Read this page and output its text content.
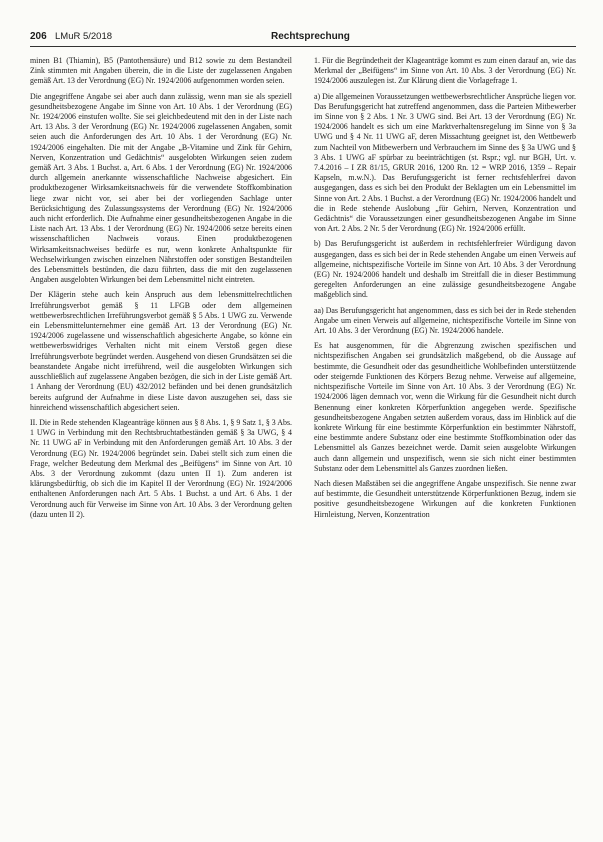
206 LMuR 5/2018	Rechtsprechung

minen B1 (Thiamin), B5 (Pantothensäure) und B12 sowie zu dem Bestandteil Zink stimmten mit Angaben überein, die in die Liste der zugelassenen Angaben gemäß Art. 13 der Verordnung (EG) Nr. 1924/2006 aufgenommen worden seien.

Die angegriffene Angabe sei aber auch dann zulässig, wenn man sie als speziell gesundheitsbezogene Angabe im Sinne von Art. 10 Abs. 1 der Verordnung (EG) Nr. 1924/2006 einstufen wollte. Sie sei gleichbedeutend mit den in der Liste nach Art. 13 Abs. 3 der Verordnung (EG) Nr. 1924/2006 zugelassenen Angaben, somit seien auch die Anforderungen des Art. 10 Abs. 1 der Verordnung (EG) Nr. 1924/2006 eingehalten. Die mit der Angabe „B-Vitamine und Zink für Gehirn, Nerven, Konzentration und Gedächtnis“ ausgelobten Wirkungen seien zudem gemäß Art. 3 Abs. 1 Buchst. a, Art. 6 Abs. 1 der Verordnung (EG) Nr. 1924/2006 durch allgemein anerkannte wissenschaftliche Nachweise abgesichert. Ein produktbezogener Wirksamkeitsnachweis für die verwendete Stoffkombination liege zwar nicht vor, sei aber bei der vorliegenden Sachlage unter Berücksichtigung des Zulassungssystems der Verordnung (EG) Nr. 1924/2006 auch nicht erforderlich. Die Aufnahme einer gesundheitsbezogenen Angabe in die Liste nach Art. 13 Abs. 1 der Verordnung (EG) Nr. 1924/2006 setze bereits einen wissenschaftlichen Nachweis voraus. Einen produktbezogenen Wirksamkeitsnachweises bedürfe es nur, wenn konkrete Anhaltspunkte für Wechselwirkungen zwischen einzelnen Nährstoffen oder sonstigen Bestandteilen des Lebensmittels bestünden, die dazu führten, dass die mit den zugelassenen Angaben ausgelobten Wirkungen bei dem Lebensmittel nicht eintreten.

Der Klägerin stehe auch kein Anspruch aus dem lebensmittelrechtlichen Irreführungsverbot gemäß § 11 LFGB oder dem allgemeinen wettbewerbsrechtlichen Irreführungsverbot gemäß § 5 Abs. 1 UWG zu. Verwende ein Lebensmittelunternehmer eine gemäß Art. 13 der Verordnung (EG) Nr. 1924/2006 zugelassene und wissenschaftlich abgesicherte Angabe, so könne ein wettbewerbswidriges Verhalten nicht mit einem Verstoß gegen diese Irreführungsverbote begründet werden. Ausgehend von diesen Grundsätzen sei die beanstandete Angabe nicht irreführend, weil die ausgelobten Wirkungen sich ausschließlich auf zugelassene Angaben bezögen, die sich in der Liste gemäß Art. 1 Anhang der Verordnung (EU) 432/2012 befänden und bei denen grundsätzlich bereits aufgrund der Aufnahme in diese Liste davon auszugehen sei, dass sie hinreichend wissenschaftlich abgesichert seien.

II. Die in Rede stehenden Klageanträge können aus § 8 Abs. 1, § 9 Satz 1, § 3 Abs. 1 UWG in Verbindung mit den Rechtsbruchtatbeständen gemäß § 3a UWG, § 4 Nr. 11 UWG aF in Verbindung mit den Anforderungen gemäß Art. 10 Abs. 3 der Verordnung (EG) Nr. 1924/2006 begründet sein. Dabei stellt sich zum einen die Frage, welcher Bedeutung dem Merkmal des „Beifügens“ im Sinne von Art. 10 Abs. 3 der Verordnung zukommt (dazu unten II 1). Zum anderen ist klärungsbedürftig, ob sich die im Kapitel II der Verordnung (EG) Nr. 1924/2006 enthaltenen Anforderungen nach Art. 5 Abs. 1 Buchst. a und Art. 6 Abs. 1 der Verordnung auch für Verweise im Sinne von Art. 10 Abs. 3 der Verordnung gelten (dazu unten II 2).

1. Für die Begründetheit der Klageanträge kommt es zum einen darauf an, wie das Merkmal der „Beifügens“ im Sinne von Art. 10 Abs. 3 der Verordnung (EG) Nr. 1924/2006 auszulegen ist. Zur Klärung dient die Vorlagefrage 1.

a) Die allgemeinen Voraussetzungen wettbewerbsrechtlicher Ansprüche liegen vor. Das Berufungsgericht hat zutreffend angenommen, dass die Parteien Mitbewerber im Sinne von § 2 Abs. 1 Nr. 3 UWG sind. Bei Art. 13 der Verordnung (EG) Nr. 1924/2006 handelt es sich um eine Marktverhaltensregelung im Sinne von § 3a UWG und § 4 Nr. 11 UWG aF, deren Missachtung geeignet ist, den Wettbewerb zum Nachteil von Mitbewerbern und Verbrauchern im Sinne des § 3a UWG und § 3 Abs. 1 UWG aF spürbar zu beeinträchtigen (st. Rspr.; vgl. nur BGH, Urt. v. 7.4.2016 – I ZR 81/15, GRUR 2016, 1200 Rn. 12 = WRP 2016, 1359 – Repair Kapseln, m.w.N.). Das Berufungsgericht ist ferner rechtsfehlerfrei davon ausgegangen, dass es sich bei den Produkt der Beklagten um ein Lebensmittel im Sinne von Art. 2 Abs. 1 Buchst. a der Verordnung (EG) Nr. 1924/2006 handelt und die in Rede stehende Auslobung „für Gehirn, Nerven, Konzentration und Gedächtnis“ die Voraussetzungen einer gesundheitsbezogenen Angabe im Sinne von Art. 2 Abs. 2 Nr. 5 der Verordnung (EG) Nr. 1924/2006 erfüllt.

b) Das Berufungsgericht ist außerdem in rechtsfehlerfreier Würdigung davon ausgegangen, dass es sich bei der in Rede stehenden Angabe um einen Verweis auf allgemeine, nichtspezifische Vorteile im Sinne von Art. 10 Abs. 3 der Verordnung (EG) Nr. 1924/2006 handelt und deshalb im Streitfall die in dieser Bestimmung geregelten Anforderungen an eine zulässige gesundheitsbezogene Angabe maßgeblich sind.

aa) Das Berufungsgericht hat angenommen, dass es sich bei der in Rede stehenden Angabe um einen Verweis auf allgemeine, nichtspezifische Vorteile im Sinne von Art. 10 Abs. 3 der Verordnung (EG) Nr. 1924/2006 handele.

Es hat ausgenommen, für die Abgrenzung zwischen spezifischen und nichtspezifischen Angaben sei grundsätzlich maßgebend, ob die Aussage auf bestimmte, die Gesundheit oder das gesundheitliche Wohlbefinden unterstützende oder steigernde Funktionen des Körpers Bezug nehme. Verweise auf allgemeine, nichtspezifische Vorteile im Sinne von Art. 10 Abs. 3 der Verordnung (EG) Nr. 1924/2006 lägen demnach vor, wenn die Wirkung für die Gesundheit nicht durch Benennung einer konkreten Körperfunktion angegeben werde. Spezifische gesundheitsbezogene Angaben setzten außerdem voraus, dass im Hinblick auf die konkrete Wirkung für eine bestimmte Körperfunktion ein bestimmter Nährstoff, eine bestimmte andere Substanz oder eine bestimmte Stoffkombination oder das Lebensmittel als Ganzes bezeichnet werde. Damit seien ausgelobte Wirkungen auch dann allgemein und unspezifisch, wenn sie sich nicht einer bestimmten Substanz oder dem Lebensmittel als Ganzes zuordnen ließen.

Nach diesen Maßstäben sei die angegriffene Angabe unspezifisch. Sie nenne zwar auf bestimmte, die Gesundheit unterstützende Körperfunktionen Bezug, indem sie positive gesundheitsbezogene Wirkungen auf die konkreten Funktionen Hirnleistung, Nerven, Konzentration
